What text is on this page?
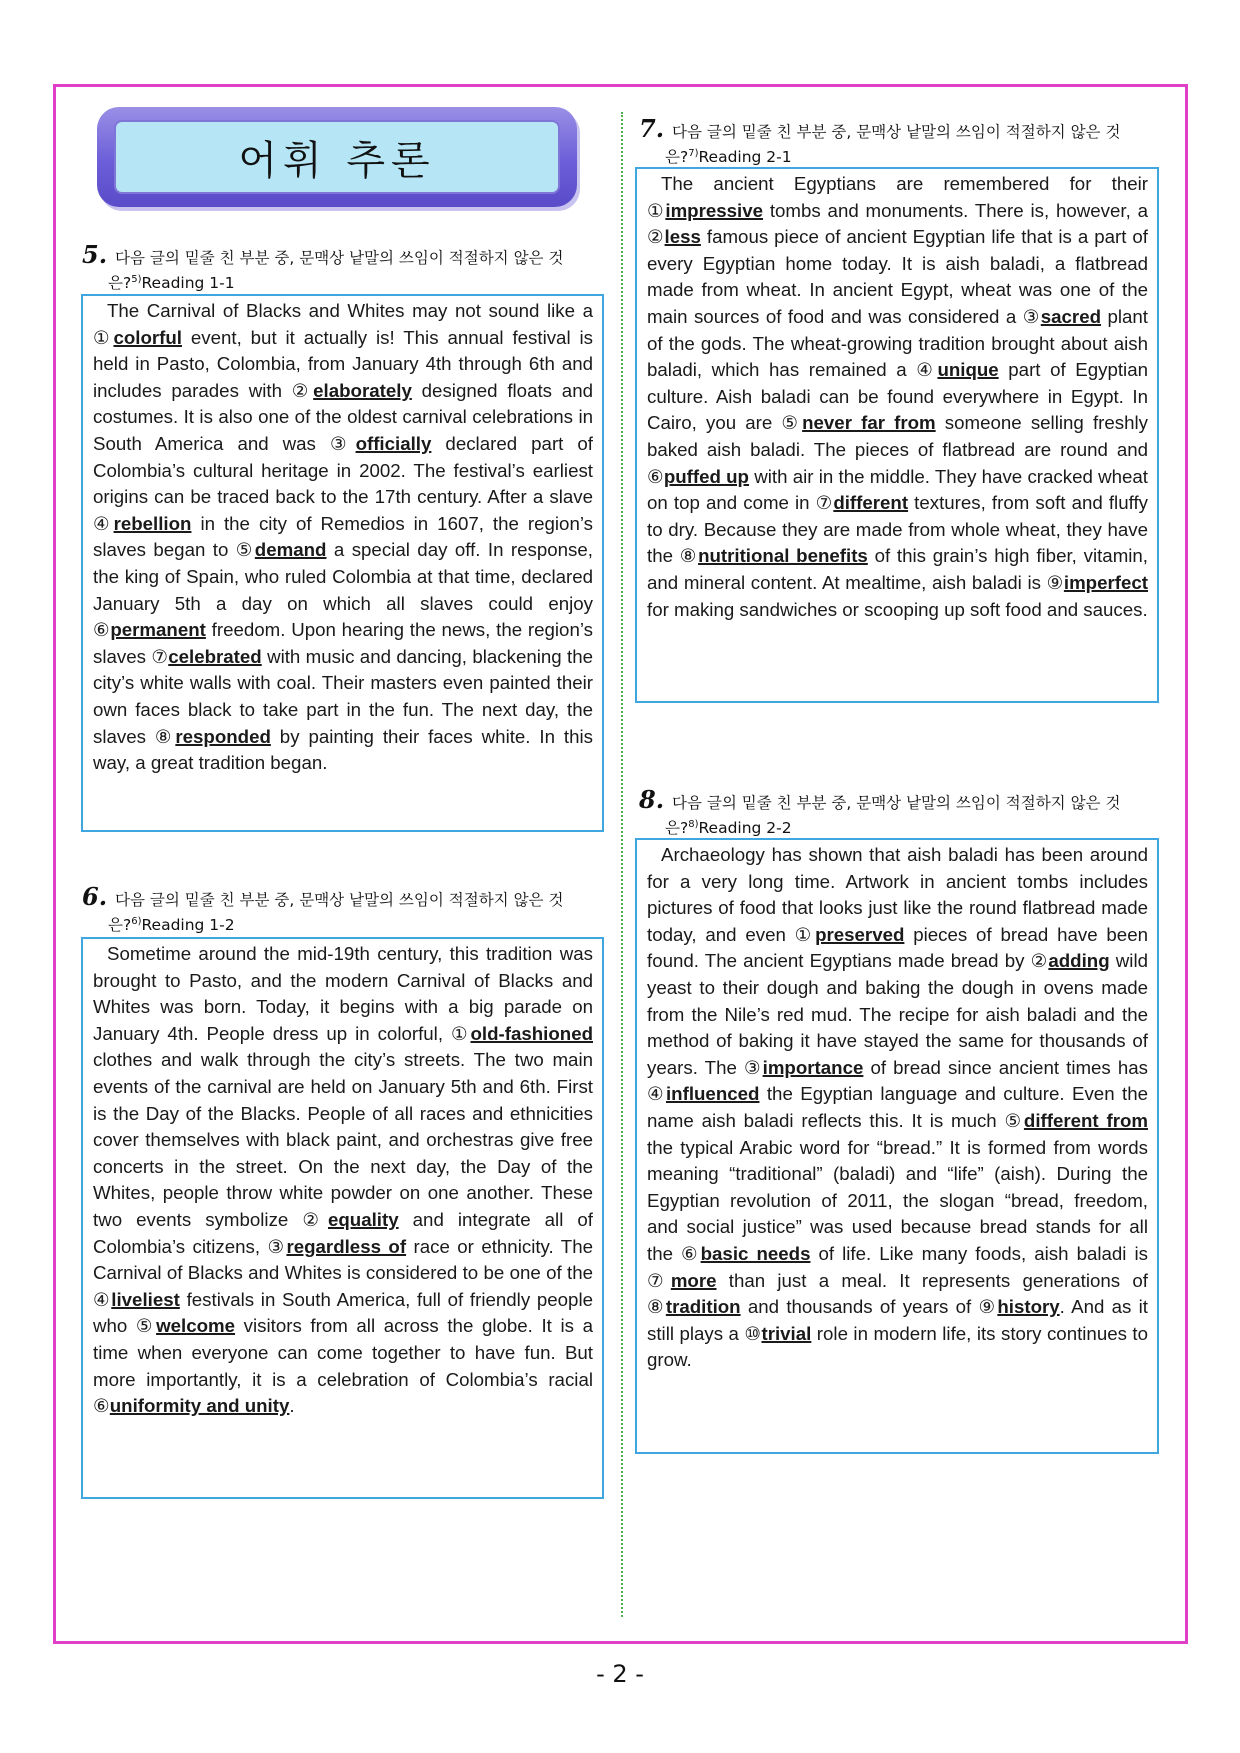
어휘 추론
5. 다음 글의 밑줄 친 부분 중, 문맥상 낱말의 쓰임이 적절하지 않은 것
은?$^{5)}$Reading 1-1

The Carnival of Blacks and Whites may not sound like a ①colorful event, but it actually is! This annual festival is held in Pasto, Colombia, from January 4th through 6th and includes parades with ②elaborately designed floats and costumes. It is also one of the oldest carnival celebrations in South America and was ③officially declared part of Colombia’s cultural heritage in 2002. The festival’s earliest origins can be traced back to the 17th century. After a slave ④rebellion in the city of Remedios in 1607, the region’s slaves began to ⑤demand a special day off. In response, the king of Spain, who ruled Colombia at that time, declared January 5th a day on which all slaves could enjoy ⑥permanent freedom. Upon hearing the news, the region’s slaves ⑦celebrated with music and dancing, blackening the city’s white walls with coal. Their masters even painted their own faces black to take part in the fun. The next day, the slaves ⑧responded by painting their faces white. In this way, a great tradition began.

6. 다음 글의 밑줄 친 부분 중, 문맥상 낱말의 쓰임이 적절하지 않은 것
은?$^{6)}$Reading 1-2

Sometime around the mid-19th century, this tradition was brought to Pasto, and the modern Carnival of Blacks and Whites was born. Today, it begins with a big parade on January 4th. People dress up in colorful, ①old-fashioned clothes and walk through the city’s streets. The two main events of the carnival are held on January 5th and 6th. First is the Day of the Blacks. People of all races and ethnicities cover themselves with black paint, and orchestras give free concerts in the street. On the next day, the Day of the Whites, people throw white powder on one another. These two events symbolize ②equality and integrate all of Colombia’s citizens, ③regardless of race or ethnicity. The Carnival of Blacks and Whites is considered to be one of the ④liveliest festivals in South America, full of friendly people who ⑤welcome visitors from all across the globe. It is a time when everyone can come together to have fun. But more importantly, it is a celebration of Colombia’s racial ⑥uniformity and unity.

7. 다음 글의 밑줄 친 부분 중, 문맥상 낱말의 쓰임이 적절하지 않은 것
은?$^{7)}$Reading 2-1

The ancient Egyptians are remembered for their ①impressive tombs and monuments. There is, however, a ②less famous piece of ancient Egyptian life that is a part of every Egyptian home today. It is aish baladi, a flatbread made from wheat. In ancient Egypt, wheat was one of the main sources of food and was considered a ③sacred plant of the gods. The wheat-growing tradition brought about aish baladi, which has remained a ④unique part of Egyptian culture. Aish baladi can be found everywhere in Egypt. In Cairo, you are ⑤never far from someone selling freshly baked aish baladi. The pieces of flatbread are round and ⑥puffed up with air in the middle. They have cracked wheat on top and come in ⑦different textures, from soft and fluffy to dry. Because they are made from whole wheat, they have the ⑧nutritional benefits of this grain’s high fiber, vitamin, and mineral content. At mealtime, aish baladi is ⑨imperfect for making sandwiches or scooping up soft food and sauces.

8. 다음 글의 밑줄 친 부분 중, 문맥상 낱말의 쓰임이 적절하지 않은 것
은?$^{8)}$Reading 2-2

Archaeology has shown that aish baladi has been around for a very long time. Artwork in ancient tombs includes pictures of food that looks just like the round flatbread made today, and even ①preserved pieces of bread have been found. The ancient Egyptians made bread by ②adding wild yeast to their dough and baking the dough in ovens made from the Nile’s red mud. The recipe for aish baladi and the method of baking it have stayed the same for thousands of years. The ③importance of bread since ancient times has ④influenced the Egyptian language and culture. Even the name aish baladi reflects this. It is much ⑤different from the typical Arabic word for “bread.” It is formed from words meaning “traditional” (baladi) and “life” (aish). During the Egyptian revolution of 2011, the slogan “bread, freedom, and social justice” was used because bread stands for all the ⑥basic needs of life. Like many foods, aish baladi is ⑦more than just a meal. It represents generations of ⑧tradition and thousands of years of ⑨history. And as it still plays a ⑩trivial role in modern life, its story continues to grow.

- 2 -
